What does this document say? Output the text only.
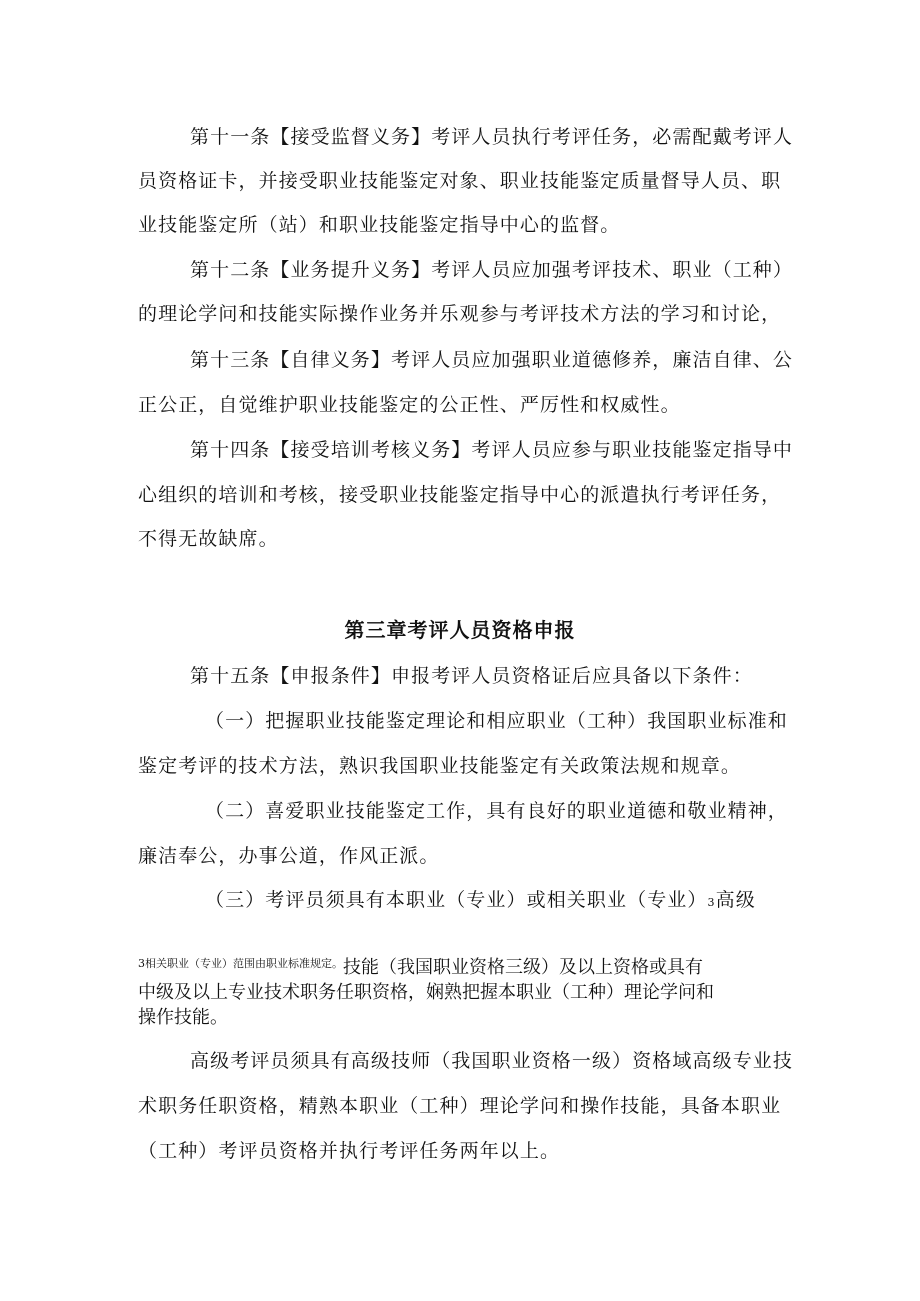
第十一条【接受监督义务】考评人员执行考评任务，必需配戴考评人
员资格证卡，并接受职业技能鉴定对象、职业技能鉴定质量督导人员、职
业技能鉴定所（站）和职业技能鉴定指导中心的监督。
第十二条【业务提升义务】考评人员应加强考评技术、职业（工种）
的理论学问和技能实际操作业务并乐观参与考评技术方法的学习和讨论，
第十三条【自律义务】考评人员应加强职业道德修养，廉洁自律、公
正公正，自觉维护职业技能鉴定的公正性、严厉性和权威性。
第十四条【接受培训考核义务】考评人员应参与职业技能鉴定指导中
心组织的培训和考核，接受职业技能鉴定指导中心的派遣执行考评任务，
不得无故缺席。
第三章考评人员资格申报
第十五条【申报条件】申报考评人员资格证后应具备以下条件：
（一）把握职业技能鉴定理论和相应职业（工种）我国职业标准和
鉴定考评的技术方法，熟识我国职业技能鉴定有关政策法规和规章。
（二）喜爱职业技能鉴定工作，具有良好的职业道德和敬业精神，
廉洁奉公，办事公道，作风正派。
（三）考评员须具有本职业（专业）或相关职业（专业）3高级
$^{3相关职业(专业)范围由职业标准规定。}$技能（我国职业资格三级）及以上资格或具有
中级及以上专业技术职务任职资格，娴熟把握本职业（工种）理论学问和
操作技能。
高级考评员须具有高级技师（我国职业资格一级）资格域高级专业技
术职务任职资格，精熟本职业（工种）理论学问和操作技能，具备本职业
（工种）考评员资格并执行考评任务两年以上。
